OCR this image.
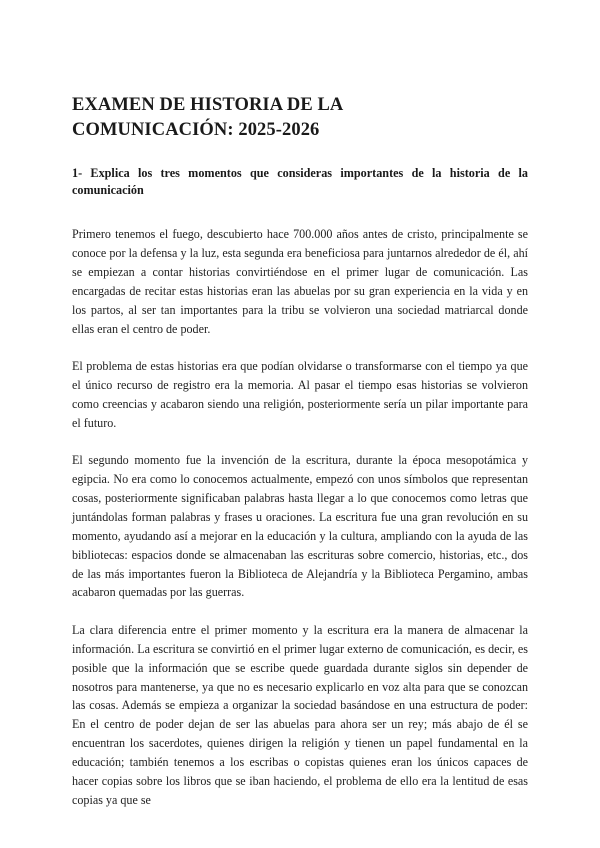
EXAMEN DE HISTORIA DE LA
COMUNICACIÓN: 2025-2026

1- Explica los tres momentos que consideras importantes de la historia de la comunicación

Primero tenemos el fuego, descubierto hace 700.000 años antes de cristo, principalmente se conoce por la defensa y la luz, esta segunda era beneficiosa para juntarnos alrededor de él, ahí se empiezan a contar historias convirtiéndose en el primer lugar de comunicación. Las encargadas de recitar estas historias eran las abuelas por su gran experiencia en la vida y en los partos, al ser tan importantes para la tribu se volvieron una sociedad matriarcal donde ellas eran el centro de poder.

El problema de estas historias era que podían olvidarse o transformarse con el tiempo ya que el único recurso de registro era la memoria. Al pasar el tiempo esas historias se volvieron como creencias y acabaron siendo una religión, posteriormente sería un pilar importante para el futuro.

El segundo momento fue la invención de la escritura, durante la época mesopotámica y egipcia. No era como lo conocemos actualmente, empezó con unos símbolos que representan cosas, posteriormente significaban palabras hasta llegar a lo que conocemos como letras que juntándolas forman palabras y frases u oraciones. La escritura fue una gran revolución en su momento, ayudando así a mejorar en la educación y la cultura, ampliando con la ayuda de las bibliotecas: espacios donde se almacenaban las escrituras sobre comercio, historias, etc., dos de las más importantes fueron la Biblioteca de Alejandría y la Biblioteca Pergamino, ambas acabaron quemadas por las guerras.

La clara diferencia entre el primer momento y la escritura era la manera de almacenar la información. La escritura se convirtió en el primer lugar externo de comunicación, es decir, es posible que la información que se escribe quede guardada durante siglos sin depender de nosotros para mantenerse, ya que no es necesario explicarlo en voz alta para que se conozcan las cosas. Además se empieza a organizar la sociedad basándose en una estructura de poder: En el centro de poder dejan de ser las abuelas para ahora ser un rey; más abajo de él se encuentran los sacerdotes, quienes dirigen la religión y tienen un papel fundamental en la educación; también tenemos a los escribas o copistas quienes eran los únicos capaces de hacer copias sobre los libros que se iban haciendo, el problema de ello era la lentitud de esas copias ya que se
